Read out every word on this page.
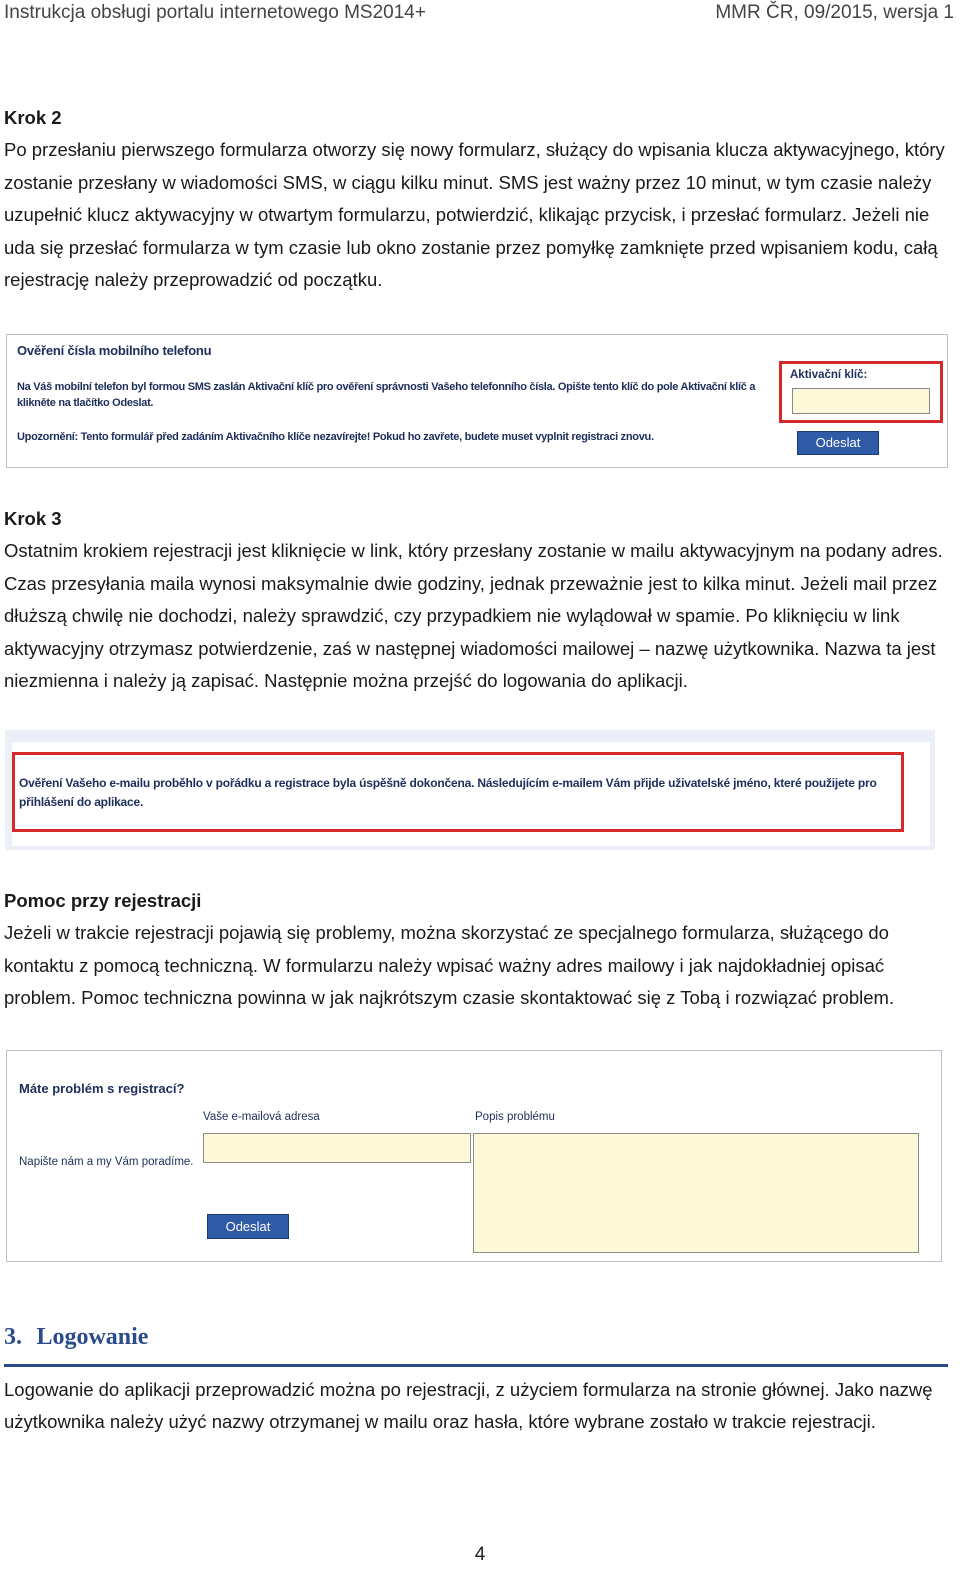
Instrukcja obsługi portalu internetowego MS2014+	MMR ČR, 09/2015, wersja 1
Krok 2

Po przesłaniu pierwszego formularza otworzy się nowy formularz, służący do wpisania klucza aktywacyjnego, który zostanie przesłany w wiadomości SMS, w ciągu kilku minut. SMS jest ważny przez 10 minut, w tym czasie należy uzupełnić klucz aktywacyjny w otwartym formularzu, potwierdzić, klikając przycisk, i przesłać formularz. Jeżeli nie uda się przesłać formularza w tym czasie lub okno zostanie przez pomyłkę zamknięte przed wpisaniem kodu, całą rejestrację należy przeprowadzić od początku.

Ověření čísla mobilního telefonu
Na Váš mobilní telefon byl formou SMS zaslán Aktivační klíč pro ověření správnosti Vašeho telefonního čísla. Opište tento klíč do pole Aktivační klíč a klikněte na tlačítko Odeslat.
Upozornění: Tento formulář před zadáním Aktivačního klíče nezavírejte! Pokud ho zavřete, budete muset vyplnit registraci znovu.
Aktivační klíč:
Odeslat
Krok 3

Ostatnim krokiem rejestracji jest kliknięcie w link, który przesłany zostanie w mailu aktywacyjnym na podany adres. Czas przesyłania maila wynosi maksymalnie dwie godziny, jednak przeważnie jest to kilka minut. Jeżeli mail przez dłuższą chwilę nie dochodzi, należy sprawdzić, czy przypadkiem nie wylądował w spamie. Po kliknięciu w link aktywacyjny otrzymasz potwierdzenie, zaś w następnej wiadomości mailowej – nazwę użytkownika. Nazwa ta jest niezmienna i należy ją zapisać. Następnie można przejść do logowania do aplikacji.

Ověření Vašeho e-mailu proběhlo v pořádku a registrace byla úspěšně dokončena. Následujícím e-mailem Vám přijde uživatelské jméno, které použijete pro přihlášení do aplikace.
Pomoc przy rejestracji

Jeżeli w trakcie rejestracji pojawią się problemy, można skorzystać ze specjalnego formularza, służącego do kontaktu z pomocą techniczną. W formularzu należy wpisać ważny adres mailowy i jak najdokładniej opisać problem. Pomoc techniczna powinna w jak najkrótszym czasie skontaktować się z Tobą i rozwiązać problem.

Máte problém s registrací?
Vaše e-mailová adresa	Popis problému
Napište nám a my Vám poradíme.
Odeslat
3. Logowanie

Logowanie do aplikacji przeprowadzić można po rejestracji, z użyciem formularza na stronie głównej. Jako nazwę użytkownika należy użyć nazwy otrzymanej w mailu oraz hasła, które wybrane zostało w trakcie rejestracji.

4
